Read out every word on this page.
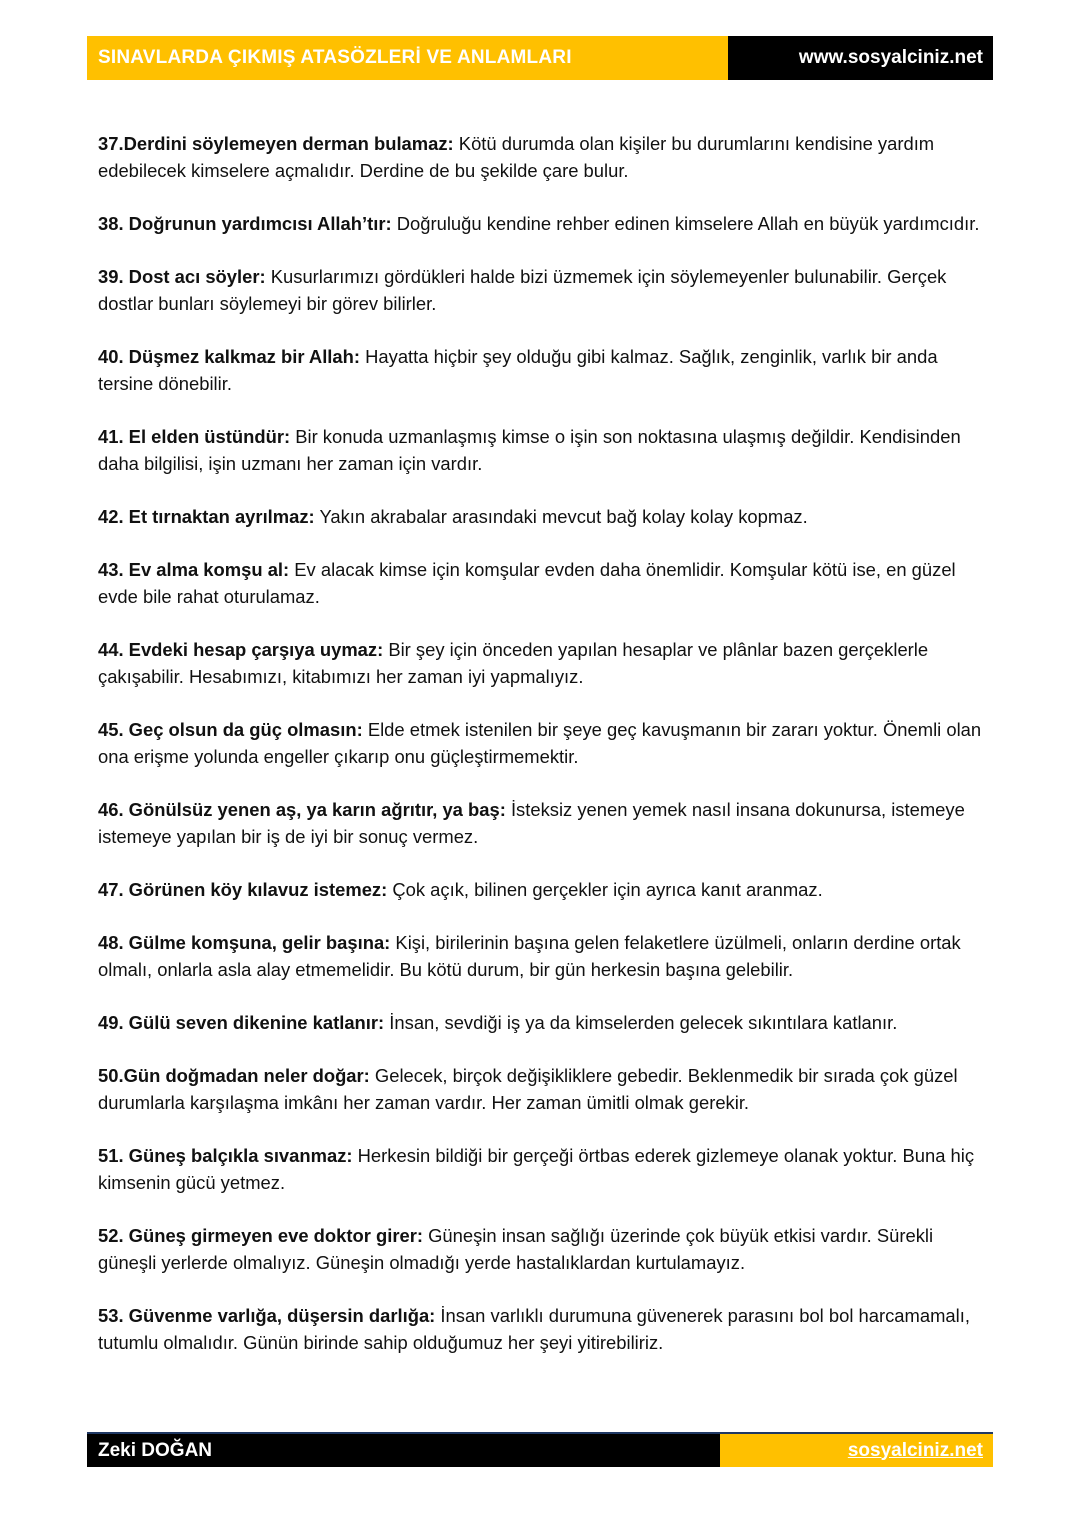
SINAVLARDA ÇIKMIŞ ATASÖZLERİ VE ANLAMLARI	www.sosyalciniz.net

37.Derdini söylemeyen derman bulamaz: Kötü durumda olan kişiler bu durumlarını kendisine yardım edebilecek kimselere açmalıdır. Derdine de bu şekilde çare bulur.

38. Doğrunun yardımcısı Allah’tır: Doğruluğu kendine rehber edinen kimselere Allah en büyük yardımcıdır.

39. Dost acı söyler: Kusurlarımızı gördükleri halde bizi üzmemek için söylemeyenler bulunabilir. Gerçek dostlar bunları söylemeyi bir görev bilirler.

40. Düşmez kalkmaz bir Allah: Hayatta hiçbir şey olduğu gibi kalmaz. Sağlık, zenginlik, varlık bir anda tersine dönebilir.

41. El elden üstündür: Bir konuda uzmanlaşmış kimse o işin son noktasına ulaşmış değildir. Kendisinden daha bilgilisi, işin uzmanı her zaman için vardır.

42. Et tırnaktan ayrılmaz: Yakın akrabalar arasındaki mevcut bağ kolay kolay kopmaz.

43. Ev alma komşu al: Ev alacak kimse için komşular evden daha önemlidir. Komşular kötü ise, en güzel evde bile rahat oturulamaz.

44. Evdeki hesap çarşıya uymaz: Bir şey için önceden yapılan hesaplar ve plânlar bazen gerçeklerle çakışabilir. Hesabımızı, kitabımızı her zaman iyi yapmalıyız.

45. Geç olsun da güç olmasın: Elde etmek istenilen bir şeye geç kavuşmanın bir zararı yoktur. Önemli olan ona erişme yolunda engeller çıkarıp onu güçleştirmemektir.

46. Gönülsüz yenen aş, ya karın ağrıtır, ya baş: İsteksiz yenen yemek nasıl insana dokunursa, istemeye istemeye yapılan bir iş de iyi bir sonuç vermez.

47. Görünen köy kılavuz istemez: Çok açık, bilinen gerçekler için ayrıca kanıt aranmaz.

48. Gülme komşuna, gelir başına: Kişi, birilerinin başına gelen felaketlere üzülmeli, onların derdine ortak olmalı, onlarla asla alay etmemelidir. Bu kötü durum, bir gün herkesin başına gelebilir.

49. Gülü seven dikenine katlanır: İnsan, sevdiği iş ya da kimselerden gelecek sıkıntılara katlanır.

50.Gün doğmadan neler doğar: Gelecek, birçok değişikliklere gebedir. Beklenmedik bir sırada çok güzel durumlarla karşılaşma imkânı her zaman vardır. Her zaman ümitli olmak gerekir.

51. Güneş balçıkla sıvanmaz: Herkesin bildiği bir gerçeği örtbas ederek gizlemeye olanak yoktur. Buna hiç kimsenin gücü yetmez.

52. Güneş girmeyen eve doktor girer: Güneşin insan sağlığı üzerinde çok büyük etkisi vardır. Sürekli güneşli yerlerde olmalıyız. Güneşin olmadığı yerde hastalıklardan kurtulamayız.

53. Güvenme varlığa, düşersin darlığa: İnsan varlıklı durumuna güvenerek parasını bol bol harcamamalı, tutumlu olmalıdır. Günün birinde sahip olduğumuz her şeyi yitirebiliriz.

Zeki DOĞAN	sosyalciniz.net
